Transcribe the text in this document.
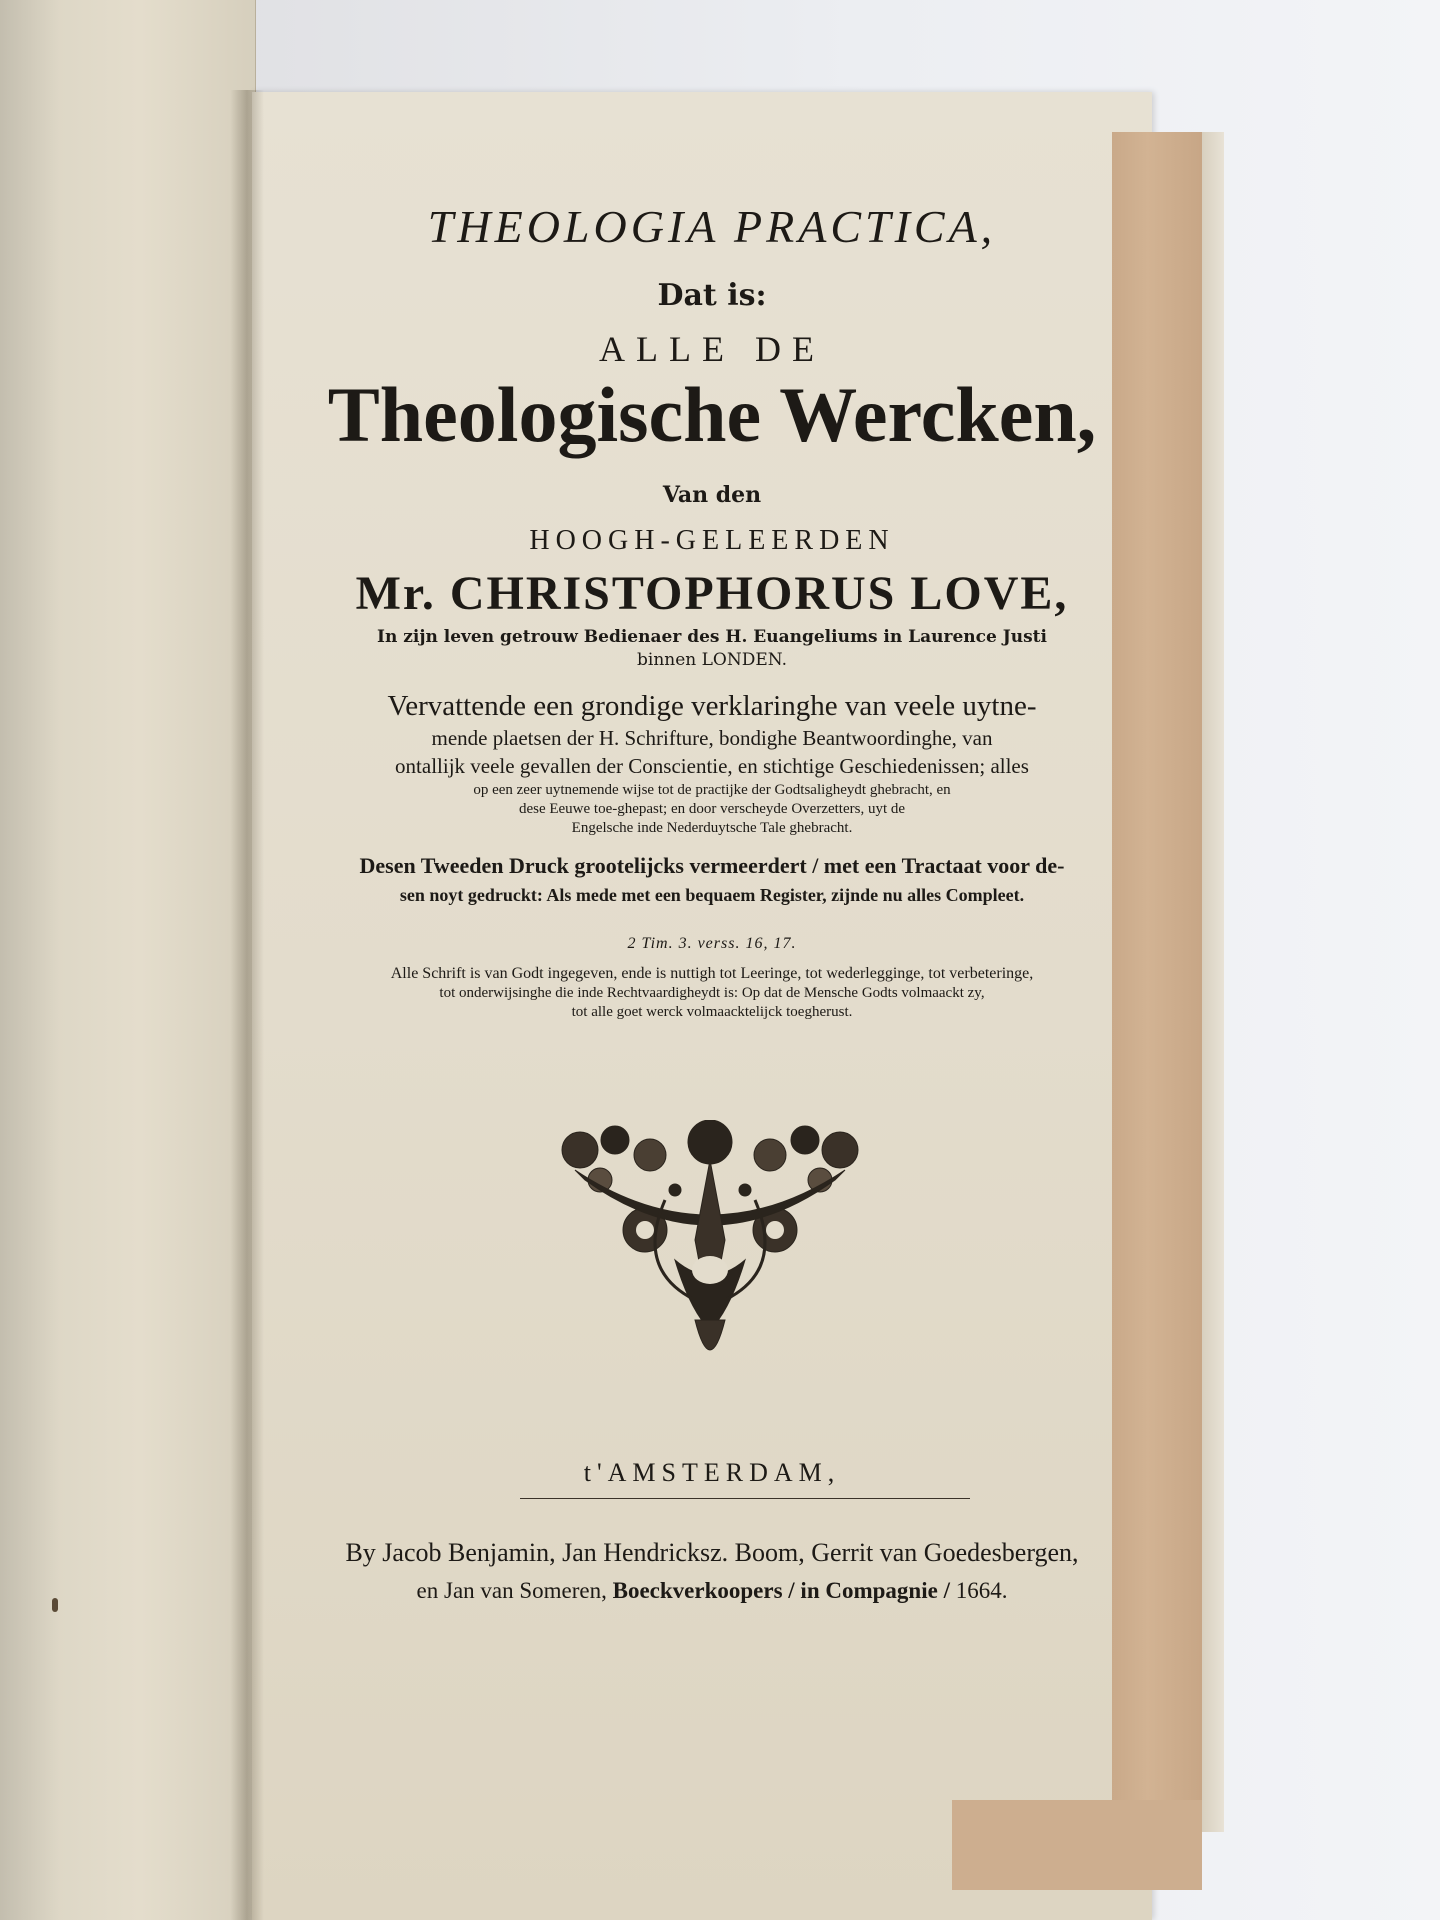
THEOLOGIA PRACTICA,
Dat is:
ALLE DE
Theologische Wercken,
Van den
HOOGH-GELEERDEN
Mr. CHRISTOPHORUS LOVE,
In zijn leven getrouw Bedienaer des H. Euangeliums in Laurence Justi
binnen LONDEN.
Vervattende een grondige verklaringhe van veele uytne-
mende plaetsen der H. Schrifture, bondighe Beantwoordinghe, van
ontallijk veele gevallen der Conscientie, en stichtige Geschiedenissen; alles
op een zeer uytnemende wijse tot de practijke der Godtsaligheydt ghebracht, en
dese Eeuwe toe-ghepast; en door verscheyde Overzetters, uyt de
Engelsche inde Nederduytsche Tale ghebracht.
Desen Tweeden Druck grootelijcks vermeerdert / met een Tractaat voor de-
sen noyt gedruckt: Als mede met een bequaem Register, zijnde nu alles Compleet.
2 Tim. 3. verss. 16, 17.
Alle Schrift is van Godt ingegeven, ende is nuttigh tot Leeringe, tot wederlegginge, tot verbeteringe,
tot onderwijsinghe die inde Rechtvaardigheydt is: Op dat de Mensche Godts volmaackt zy,
tot alle goet werck volmaacktelijck toegherust.
t'AMSTERDAM,
By Jacob Benjamin, Jan Hendricksz. Boom, Gerrit van Goedesbergen,
en Jan van Someren, Boeckverkoopers / in Compagnie / 1664.
